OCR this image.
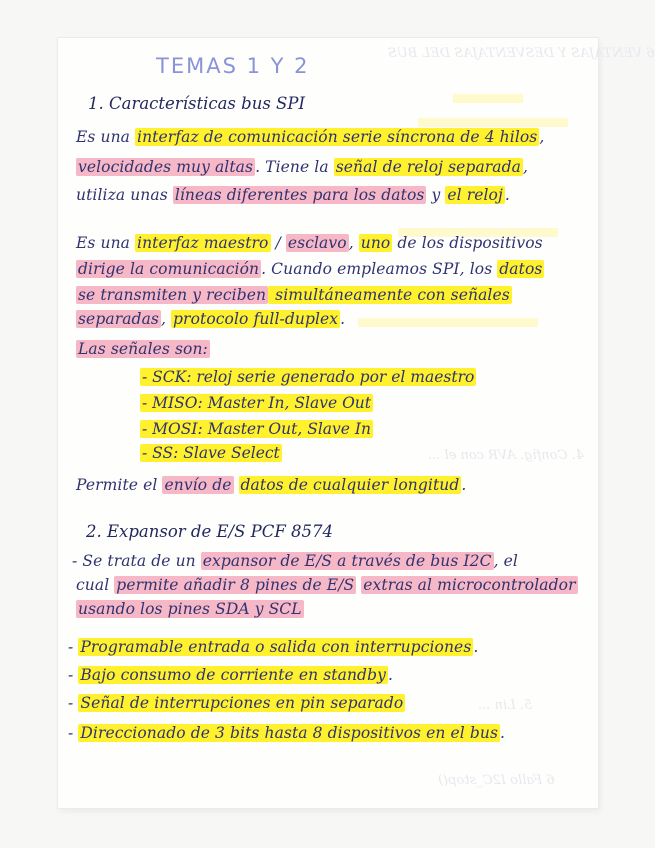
6 VENTAJAS Y DESVENTAJAS DEL BUS
4. Config. AVR con el ...
5. Lin ...
6 Fallo I2C_stop()
TEMAS 1 Y 2
1. Características bus SPI
Es una interfaz de comunicación serie síncrona de 4 hilos ,
velocidades muy altas . Tiene la señal de reloj separada ,
utiliza unas líneas diferentes para los datos y el reloj .
Es una interfaz maestro / esclavo , uno de los dispositivos
dirige la comunicación . Cuando empleamos SPI, los datos
se transmiten y reciben simultáneamente con señales
separadas , protocolo full-duplex .
Las señales son:
- SCK: reloj serie generado por el maestro
- MISO: Master In, Slave Out
- MOSI: Master Out, Slave In
- SS: Slave Select
Permite el envío de datos de cualquier longitud .
2. Expansor de E/S PCF 8574
- Se trata de un expansor de E/S a través de bus I2C , el
cual permite añadir 8 pines de E/S extras al microcontrolador
usando los pines SDA y SCL
- Programable entrada o salida con interrupciones .
- Bajo consumo de corriente en standby .
- Señal de interrupciones en pin separado
- Direccionado de 3 bits hasta 8 dispositivos en el bus .
